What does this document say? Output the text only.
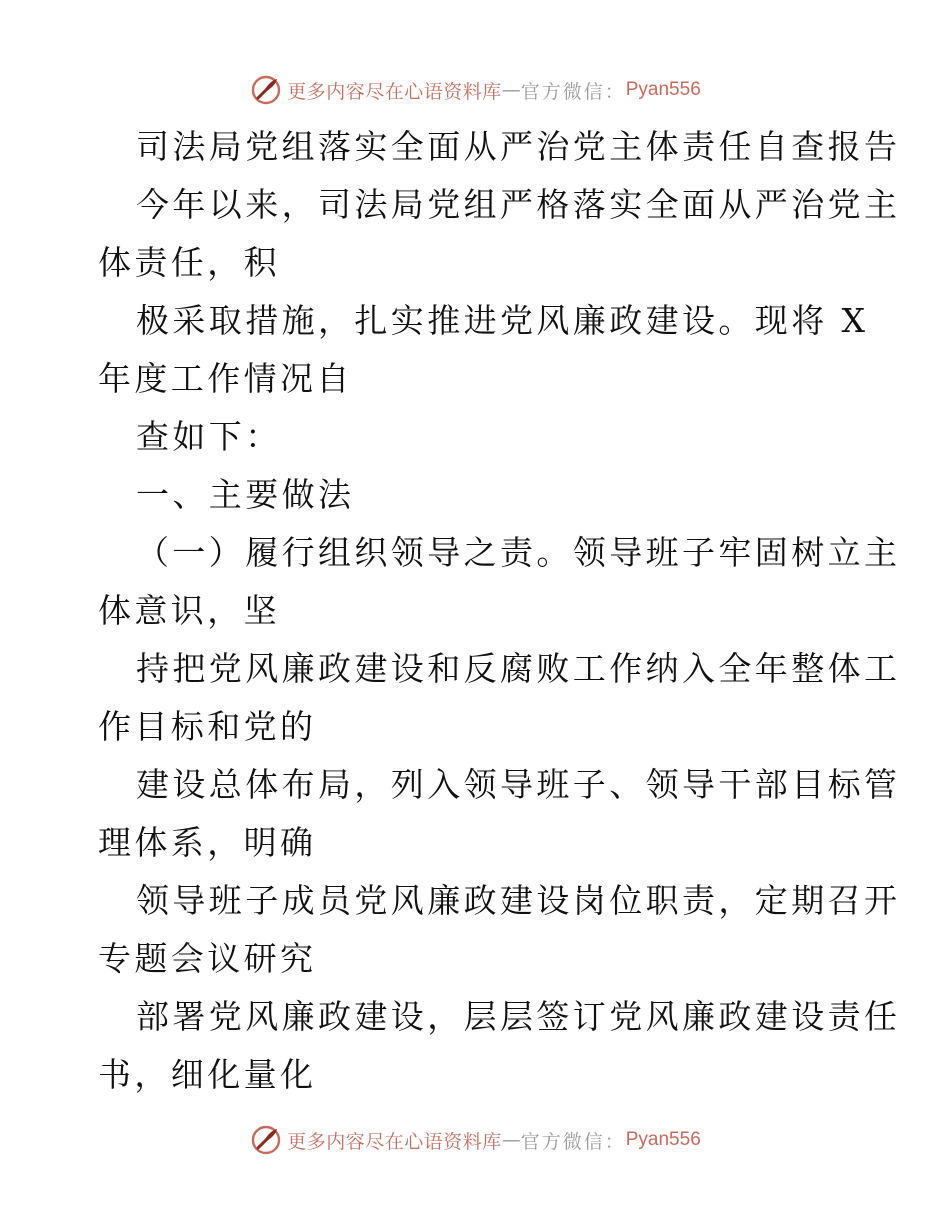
更多内容尽在心语资料库 — 官方微信： Pyan556
司法局党组落实全面从严治党主体责任自查报告
今年以来，司法局党组严格落实全面从严治党主
体责任，积
极采取措施，扎实推进党风廉政建设。现将 X
年度工作情况自
查如下：
一、主要做法
（一）履行组织领导之责。领导班子牢固树立主
体意识，坚
持把党风廉政建设和反腐败工作纳入全年整体工
作目标和党的
建设总体布局，列入领导班子、领导干部目标管
理体系，明确
领导班子成员党风廉政建设岗位职责，定期召开
专题会议研究
部署党风廉政建设，层层签订党风廉政建设责任
书，细化量化
更多内容尽在心语资料库 — 官方微信： Pyan556
